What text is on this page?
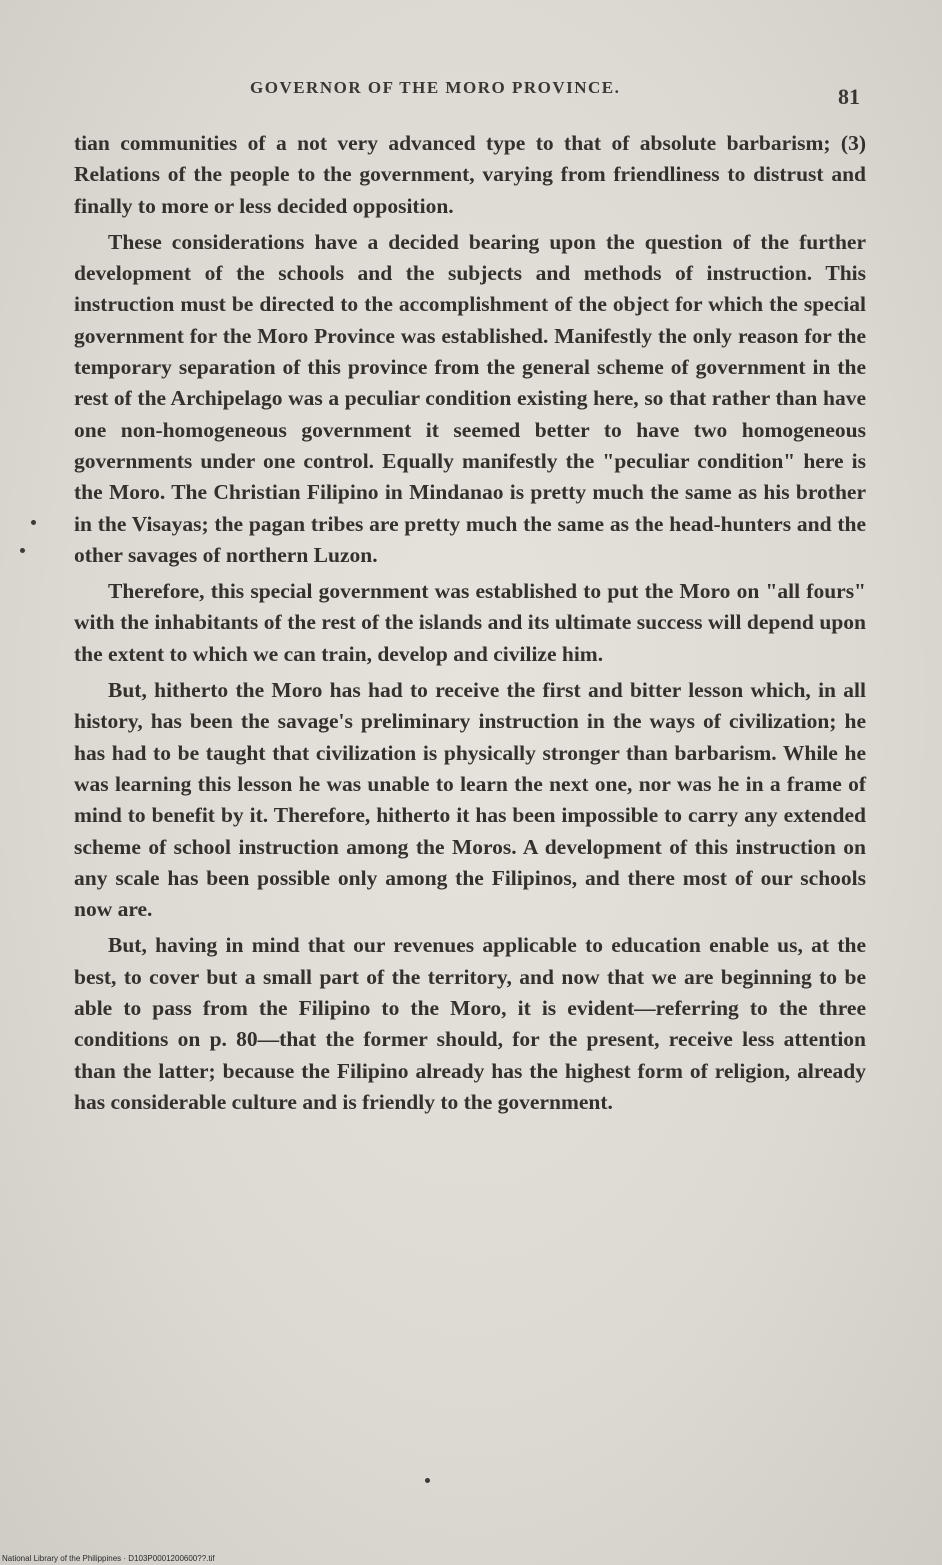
GOVERNOR OF THE MORO PROVINCE.	81

tian communities of a not very advanced type to that of absolute barbarism; (3) Relations of the people to the government, varying from friendliness to distrust and finally to more or less decided opposition.

These considerations have a decided bearing upon the question of the further development of the schools and the subjects and methods of instruction. This instruction must be directed to the accomplishment of the object for which the special government for the Moro Province was established. Manifestly the only reason for the temporary separation of this province from the general scheme of government in the rest of the Archipelago was a peculiar condition existing here, so that rather than have one non-homogeneous government it seemed better to have two homogeneous governments under one control. Equally manifestly the "peculiar condition" here is the Moro. The Christian Filipino in Mindanao is pretty much the same as his brother in the Visayas; the pagan tribes are pretty much the same as the head-hunters and the other savages of northern Luzon.

Therefore, this special government was established to put the Moro on "all fours" with the inhabitants of the rest of the islands and its ultimate success will depend upon the extent to which we can train, develop and civilize him.

But, hitherto the Moro has had to receive the first and bitter lesson which, in all history, has been the savage's preliminary instruction in the ways of civilization; he has had to be taught that civilization is physically stronger than barbarism. While he was learning this lesson he was unable to learn the next one, nor was he in a frame of mind to benefit by it. Therefore, hitherto it has been impossible to carry any extended scheme of school instruction among the Moros. A development of this instruction on any scale has been possible only among the Filipinos, and there most of our schools now are.

But, having in mind that our revenues applicable to education enable us, at the best, to cover but a small part of the territory, and now that we are beginning to be able to pass from the Filipino to the Moro, it is evident—referring to the three conditions on p. 80—that the former should, for the present, receive less attention than the latter; because the Filipino already has the highest form of religion, already has considerable culture and is friendly to the government.

National Library of the Philippines · D103P0001200600??.tif
